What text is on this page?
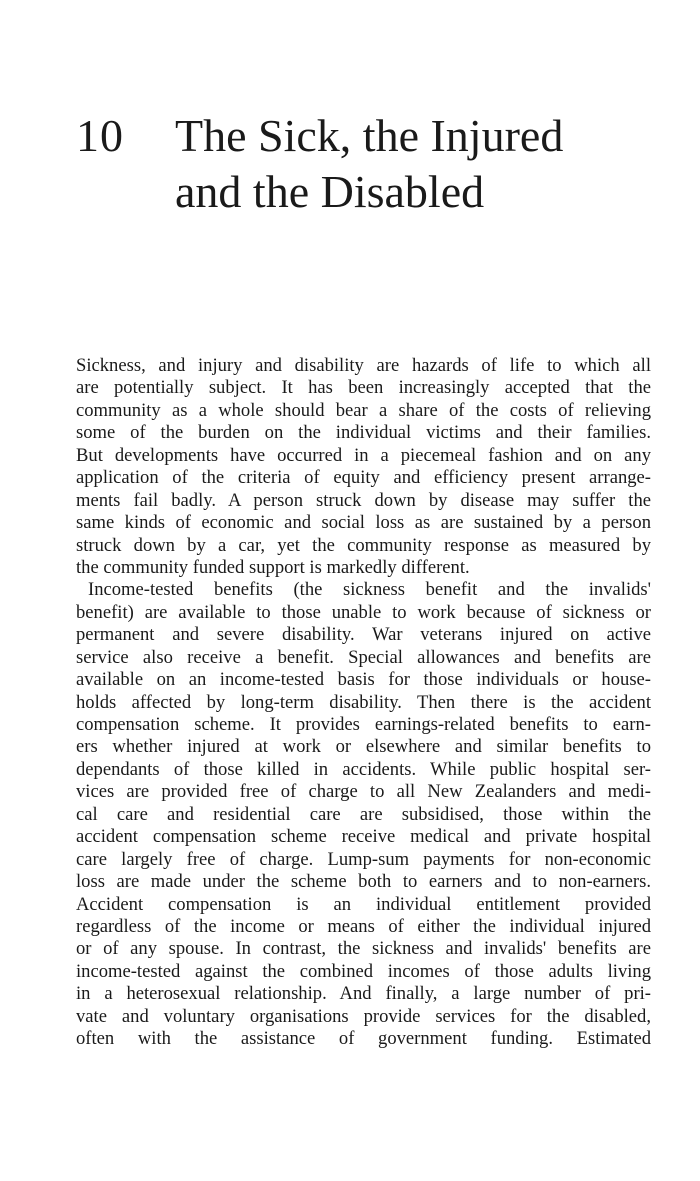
10 The Sick, the Injured
and the Disabled
Sickness, and injury and disability are hazards of life to which all
are potentially subject. It has been increasingly accepted that the
community as a whole should bear a share of the costs of relieving
some of the burden on the individual victims and their families.
But developments have occurred in a piecemeal fashion and on any
application of the criteria of equity and efficiency present arrange-
ments fail badly. A person struck down by disease may suffer the
same kinds of economic and social loss as are sustained by a person
struck down by a car, yet the community response as measured by
the community funded support is markedly different.
Income-tested benefits (the sickness benefit and the invalids'
benefit) are available to those unable to work because of sickness or
permanent and severe disability. War veterans injured on active
service also receive a benefit. Special allowances and benefits are
available on an income-tested basis for those individuals or house-
holds affected by long-term disability. Then there is the accident
compensation scheme. It provides earnings-related benefits to earn-
ers whether injured at work or elsewhere and similar benefits to
dependants of those killed in accidents. While public hospital ser-
vices are provided free of charge to all New Zealanders and medi-
cal care and residential care are subsidised, those within the
accident compensation scheme receive medical and private hospital
care largely free of charge. Lump-sum payments for non-economic
loss are made under the scheme both to earners and to non-earners.
Accident compensation is an individual entitlement provided
regardless of the income or means of either the individual injured
or of any spouse. In contrast, the sickness and invalids' benefits are
income-tested against the combined incomes of those adults living
in a heterosexual relationship. And finally, a large number of pri-
vate and voluntary organisations provide services for the disabled,
often with the assistance of government funding. Estimated
